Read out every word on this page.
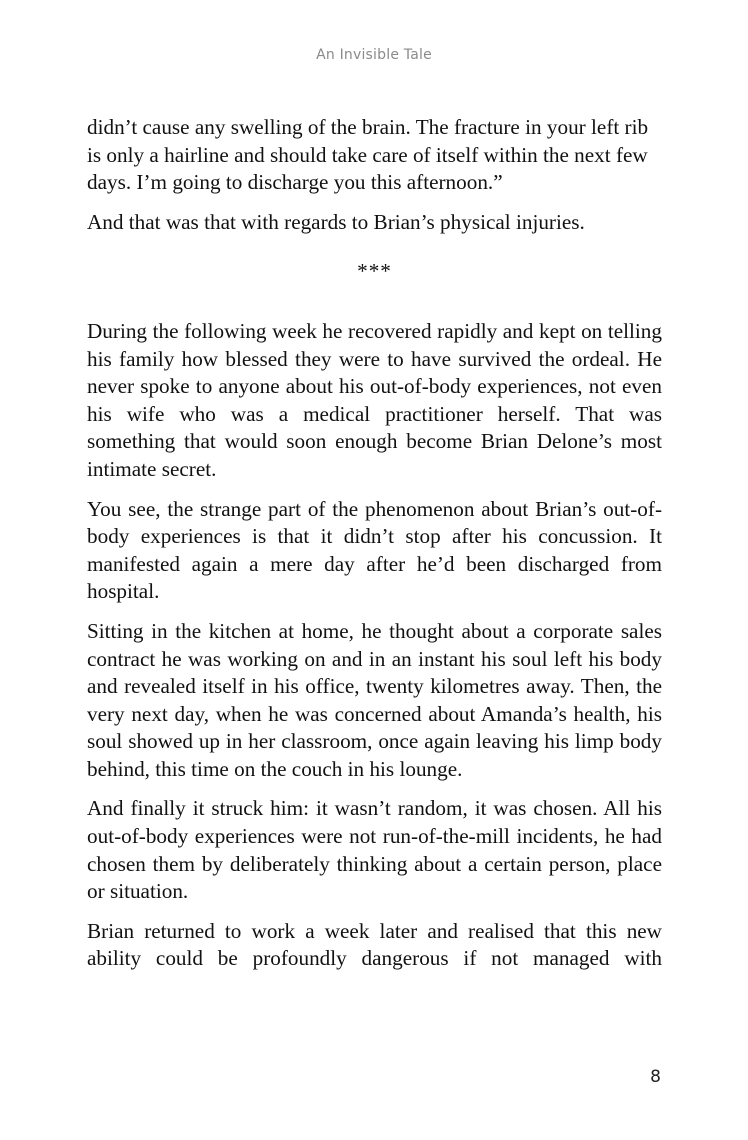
An Invisible Tale

didn’t cause any swelling of the brain. The fracture in your left rib is only a hairline and should take care of itself within the next few days. I’m going to discharge you this afternoon.”

And that was that with regards to Brian’s physical injuries.

***

During the following week he recovered rapidly and kept on telling his family how blessed they were to have survived the ordeal. He never spoke to anyone about his out-of-body experiences, not even his wife who was a medical practitioner herself. That was something that would soon enough become Brian Delone’s most intimate secret.

You see, the strange part of the phenomenon about Brian’s out-of-body experiences is that it didn’t stop after his concussion. It manifested again a mere day after he’d been discharged from hospital.

Sitting in the kitchen at home, he thought about a corporate sales contract he was working on and in an instant his soul left his body and revealed itself in his office, twenty kilometres away. Then, the very next day, when he was concerned about Amanda’s health, his soul showed up in her classroom, once again leaving his limp body behind, this time on the couch in his lounge.

And finally it struck him: it wasn’t random, it was chosen. All his out-of-body experiences were not run-of-the-mill incidents, he had chosen them by deliberately thinking about a certain person, place or situation.

Brian returned to work a week later and realised that this new ability could be profoundly dangerous if not managed with

8
